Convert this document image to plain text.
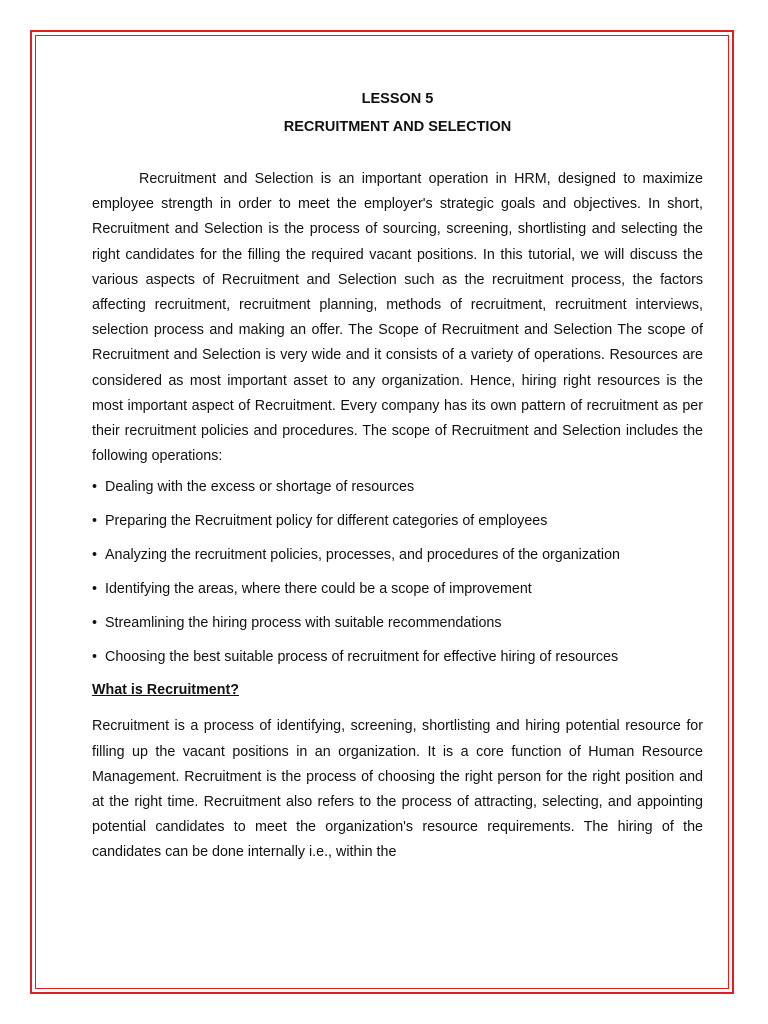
LESSON 5

RECRUITMENT AND SELECTION

Recruitment and Selection is an important operation in HRM, designed to maximize employee strength in order to meet the employer's strategic goals and objectives. In short, Recruitment and Selection is the process of sourcing, screening, shortlisting and selecting the right candidates for the filling the required vacant positions. In this tutorial, we will discuss the various aspects of Recruitment and Selection such as the recruitment process, the factors affecting recruitment, recruitment planning, methods of recruitment, recruitment interviews, selection process and making an offer. The Scope of Recruitment and Selection The scope of Recruitment and Selection is very wide and it consists of a variety of operations. Resources are considered as most important asset to any organization. Hence, hiring right resources is the most important aspect of Recruitment. Every company has its own pattern of recruitment as per their recruitment policies and procedures. The scope of Recruitment and Selection includes the following operations:

• Dealing with the excess or shortage of resources
• Preparing the Recruitment policy for different categories of employees
• Analyzing the recruitment policies, processes, and procedures of the organization
• Identifying the areas, where there could be a scope of improvement
• Streamlining the hiring process with suitable recommendations
• Choosing the best suitable process of recruitment for effective hiring of resources

What is Recruitment?

Recruitment is a process of identifying, screening, shortlisting and hiring potential resource for filling up the vacant positions in an organization. It is a core function of Human Resource Management. Recruitment is the process of choosing the right person for the right position and at the right time. Recruitment also refers to the process of attracting, selecting, and appointing potential candidates to meet the organization's resource requirements. The hiring of the candidates can be done internally i.e., within the
